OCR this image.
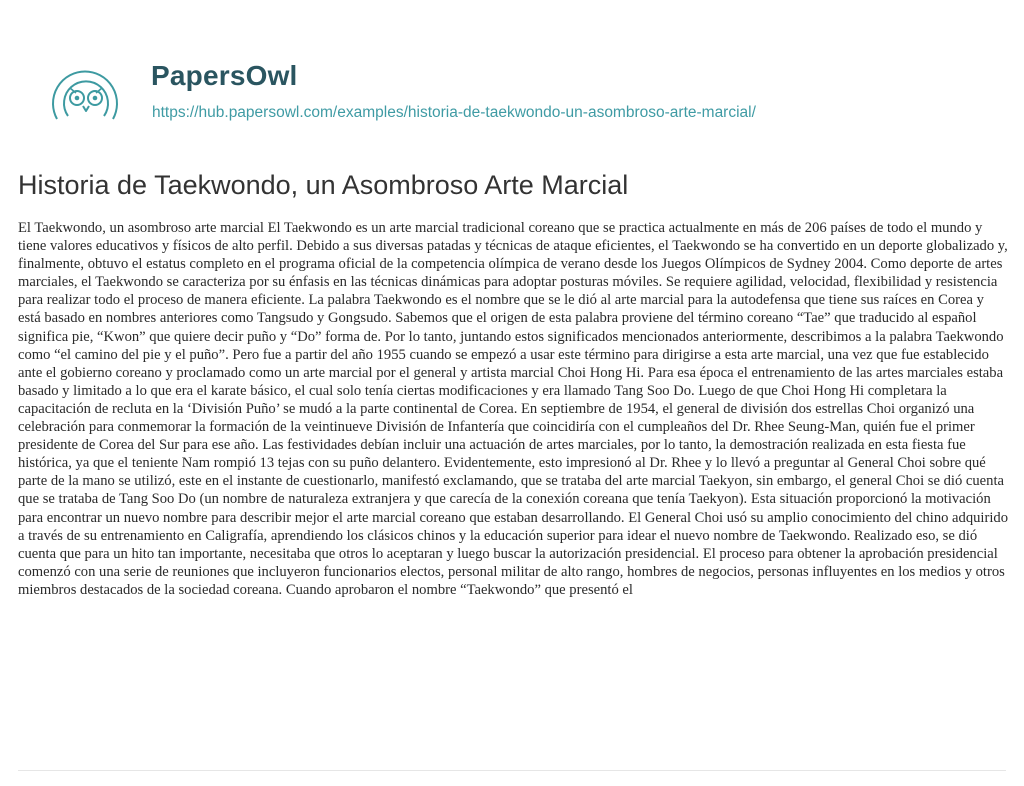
PapersOwl
https://hub.papersowl.com/examples/historia-de-taekwondo-un-asombroso-arte-marcial/
Historia de Taekwondo, un Asombroso Arte Marcial

El Taekwondo, un asombroso arte marcial El Taekwondo es un arte marcial tradicional coreano que se practica actualmente en más de 206 países de todo el mundo y tiene valores educativos y físicos de alto perfil. Debido a sus diversas patadas y técnicas de ataque eficientes, el Taekwondo se ha convertido en un deporte globalizado y, finalmente, obtuvo el estatus completo en el programa oficial de la competencia olímpica de verano desde los Juegos Olímpicos de Sydney 2004. Como deporte de artes marciales, el Taekwondo se caracteriza por su énfasis en las técnicas dinámicas para adoptar posturas móviles. Se requiere agilidad, velocidad, flexibilidad y resistencia para realizar todo el proceso de manera eficiente. La palabra Taekwondo es el nombre que se le dió al arte marcial para la autodefensa que tiene sus raíces en Corea y está basado en nombres anteriores como Tangsudo y Gongsudo. Sabemos que el origen de esta palabra proviene del término coreano “Tae” que traducido al español significa pie, “Kwon” que quiere decir puño y “Do” forma de. Por lo tanto, juntando estos significados mencionados anteriormente, describimos a la palabra Taekwondo como “el camino del pie y el puño”. Pero fue a partir del año 1955 cuando se empezó a usar este término para dirigirse a esta arte marcial, una vez que fue establecido ante el gobierno coreano y proclamado como un arte marcial por el general y artista marcial Choi Hong Hi. Para esa época el entrenamiento de las artes marciales estaba basado y limitado a lo que era el karate básico, el cual solo tenía ciertas modificaciones y era llamado Tang Soo Do. Luego de que Choi Hong Hi completara la capacitación de recluta en la ‘División Puño’ se mudó a la parte continental de Corea. En septiembre de 1954, el general de división dos estrellas Choi organizó una celebración para conmemorar la formación de la veintinueve División de Infantería que coincidiría con el cumpleaños del Dr. Rhee Seung-Man, quién fue el primer presidente de Corea del Sur para ese año. Las festividades debían incluir una actuación de artes marciales, por lo tanto, la demostración realizada en esta fiesta fue histórica, ya que el teniente Nam rompió 13 tejas con su puño delantero. Evidentemente, esto impresionó al Dr. Rhee y lo llevó a preguntar al General Choi sobre qué parte de la mano se utilizó, este en el instante de cuestionarlo, manifestó exclamando, que se trataba del arte marcial Taekyon, sin embargo, el general Choi se dió cuenta que se trataba de Tang Soo Do (un nombre de naturaleza extranjera y que carecía de la conexión coreana que tenía Taekyon). Esta situación proporcionó la motivación para encontrar un nuevo nombre para describir mejor el arte marcial coreano que estaban desarrollando. El General Choi usó su amplio conocimiento del chino adquirido a través de su entrenamiento en Caligrafía, aprendiendo los clásicos chinos y la educación superior para idear el nuevo nombre de Taekwondo. Realizado eso, se dió cuenta que para un hito tan importante, necesitaba que otros lo aceptaran y luego buscar la autorización presidencial. El proceso para obtener la aprobación presidencial comenzó con una serie de reuniones que incluyeron funcionarios electos, personal militar de alto rango, hombres de negocios, personas influyentes en los medios y otros miembros destacados de la sociedad coreana. Cuando aprobaron el nombre “Taekwondo” que presentó el
